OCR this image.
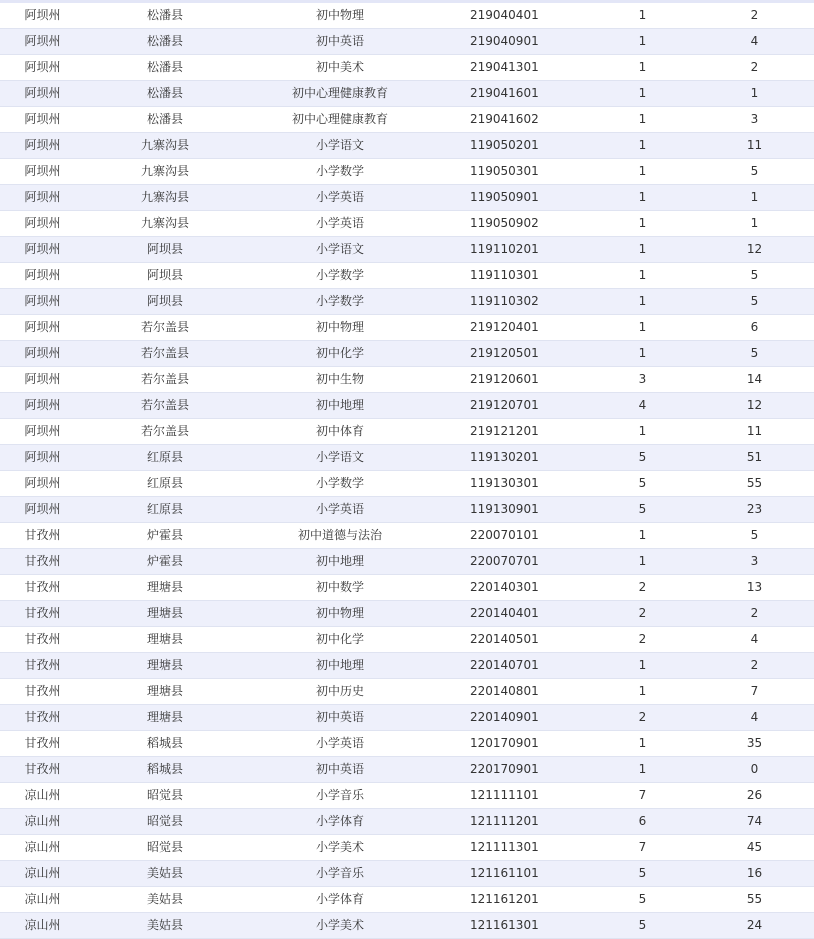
阿坝州	松潘县	初中物理	219040401	1	2
阿坝州	松潘县	初中英语	219040901	1	4
阿坝州	松潘县	初中美术	219041301	1	2
阿坝州	松潘县	初中心理健康教育	219041601	1	1
阿坝州	松潘县	初中心理健康教育	219041602	1	3
阿坝州	九寨沟县	小学语文	119050201	1	11
阿坝州	九寨沟县	小学数学	119050301	1	5
阿坝州	九寨沟县	小学英语	119050901	1	1
阿坝州	九寨沟县	小学英语	119050902	1	1
阿坝州	阿坝县	小学语文	119110201	1	12
阿坝州	阿坝县	小学数学	119110301	1	5
阿坝州	阿坝县	小学数学	119110302	1	5
阿坝州	若尔盖县	初中物理	219120401	1	6
阿坝州	若尔盖县	初中化学	219120501	1	5
阿坝州	若尔盖县	初中生物	219120601	3	14
阿坝州	若尔盖县	初中地理	219120701	4	12
阿坝州	若尔盖县	初中体育	219121201	1	11
阿坝州	红原县	小学语文	119130201	5	51
阿坝州	红原县	小学数学	119130301	5	55
阿坝州	红原县	小学英语	119130901	5	23
甘孜州	炉霍县	初中道德与法治	220070101	1	5
甘孜州	炉霍县	初中地理	220070701	1	3
甘孜州	理塘县	初中数学	220140301	2	13
甘孜州	理塘县	初中物理	220140401	2	2
甘孜州	理塘县	初中化学	220140501	2	4
甘孜州	理塘县	初中地理	220140701	1	2
甘孜州	理塘县	初中历史	220140801	1	7
甘孜州	理塘县	初中英语	220140901	2	4
甘孜州	稻城县	小学英语	120170901	1	35
甘孜州	稻城县	初中英语	220170901	1	0
凉山州	昭觉县	小学音乐	121111101	7	26
凉山州	昭觉县	小学体育	121111201	6	74
凉山州	昭觉县	小学美术	121111301	7	45
凉山州	美姑县	小学音乐	121161101	5	16
凉山州	美姑县	小学体育	121161201	5	55
凉山州	美姑县	小学美术	121161301	5	24
